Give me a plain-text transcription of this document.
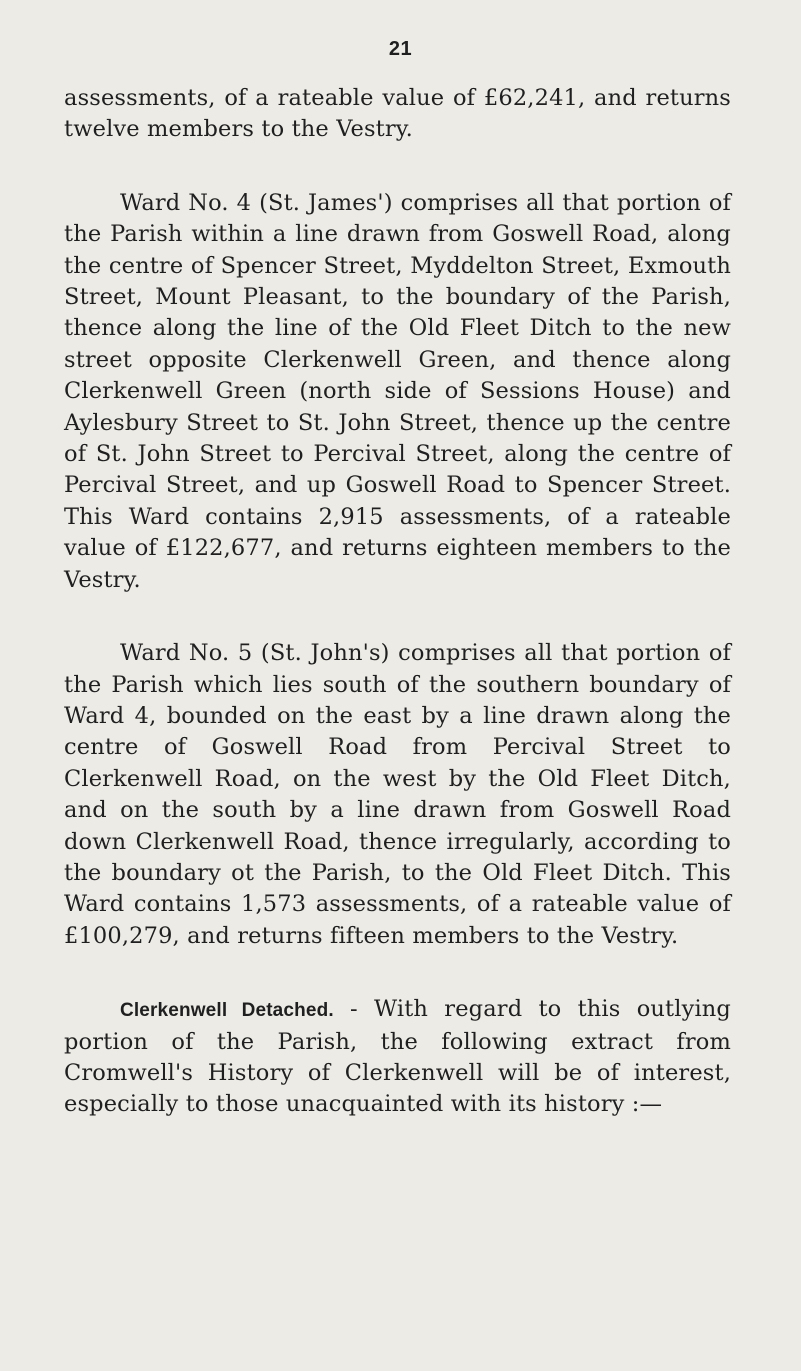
21

assessments, of a rateable value of £62,241, and returns twelve members to the Vestry.

Ward No. 4 (St. James') comprises all that portion of the Parish within a line drawn from Goswell Road, along the centre of Spencer Street, Myddelton Street, Exmouth Street, Mount Pleasant, to the boundary of the Parish, thence along the line of the Old Fleet Ditch to the new street opposite Clerkenwell Green, and thence along Clerkenwell Green (north side of Sessions House) and Aylesbury Street to St. John Street, thence up the centre of St. John Street to Percival Street, along the centre of Percival Street, and up Goswell Road to Spencer Street. This Ward contains 2,915 assessments, of a rateable value of £122,677, and returns eighteen members to the Vestry.

Ward No. 5 (St. John's) comprises all that portion of the Parish which lies south of the southern boundary of Ward 4, bounded on the east by a line drawn along the centre of Goswell Road from Percival Street to Clerkenwell Road, on the west by the Old Fleet Ditch, and on the south by a line drawn from Goswell Road down Clerkenwell Road, thence irregularly, according to the boundary ot the Parish, to the Old Fleet Ditch. This Ward contains 1,573 assessments, of a rateable value of £100,279, and returns fifteen members to the Vestry.

Clerkenwell Detached. - With regard to this outlying portion of the Parish, the following extract from Cromwell's History of Clerkenwell will be of interest, especially to those unacquainted with its history :—
